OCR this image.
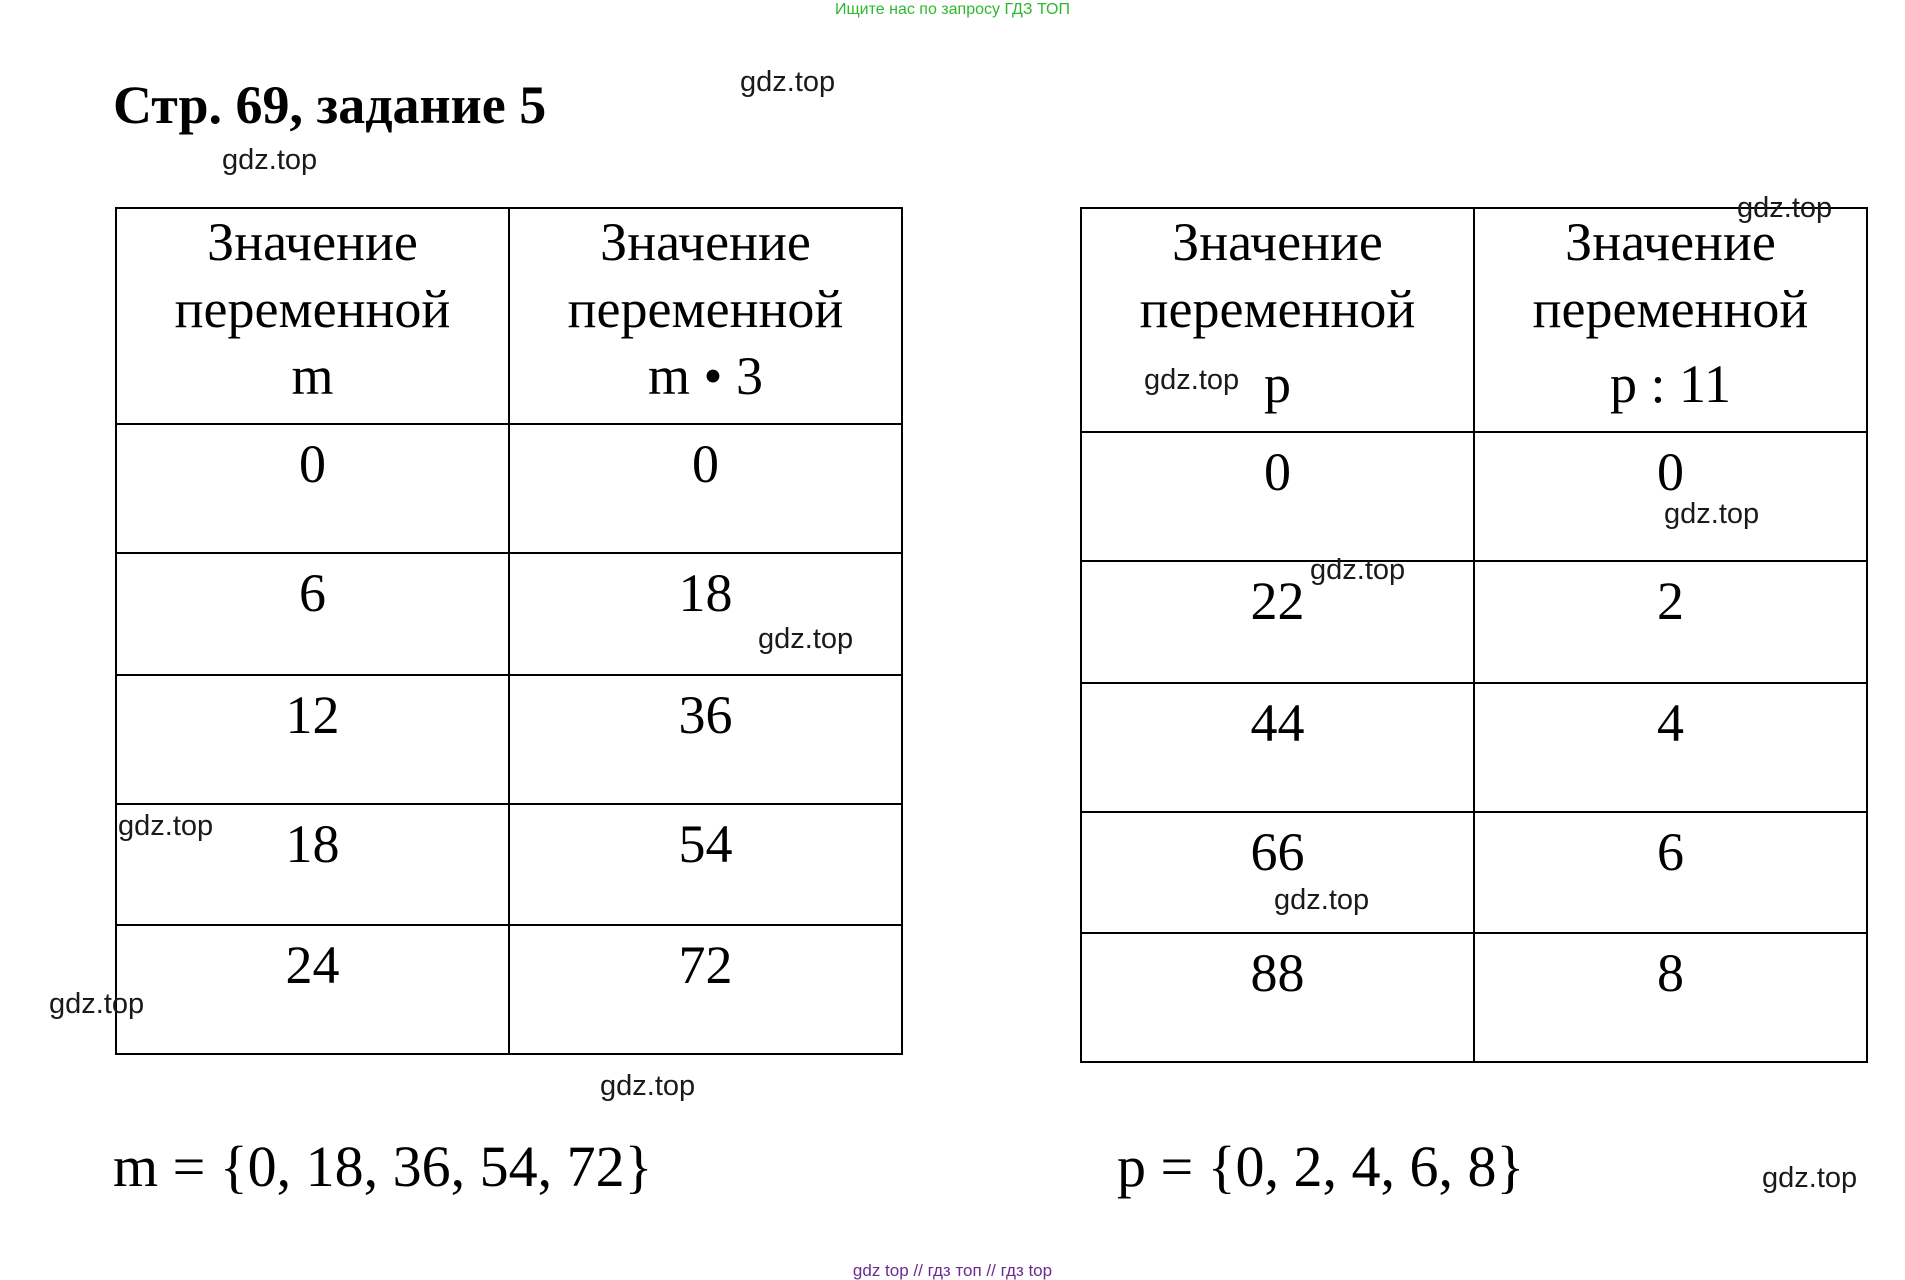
Ищите нас по запросу ГДЗ ТОП
Стр. 69, задание 5
Значение
переменной
m	Значение
переменной
m • 3

0	0

6	18

12	36

18	54

24	72
Значение
переменной
p	Значение
переменной
p : 11

0	0

22	2

44	4

66	6

88	8
m = {0, 18, 36, 54, 72}	p = {0, 2, 4, 6, 8}
gdz.top
gdz.top
gdz.top
gdz.top
gdz.top
gdz.top
gdz.top
gdz.top
gdz.top
gdz.top
gdz.top
gdz.top
gdz top // гдз топ // гдз top
